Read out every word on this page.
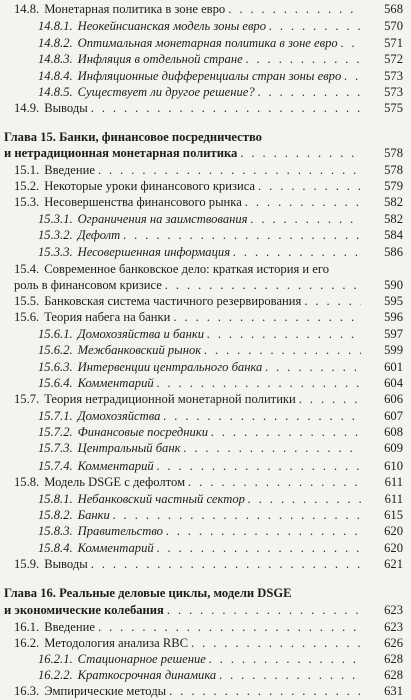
14.8. Монетарная политика в зоне евро . . .	568
14.8.1. Неокейнсианская модель зоны евро . . .	570
14.8.2. Оптимальная монетарная политика в зоне евро . . .	571
14.8.3. Инфляция в отдельной стране . . .	572
14.8.4. Инфляционные дифференциалы стран зоны евро . . .	573
14.8.5. Существует ли другое решение? . . .	573
14.9. Выводы . . .	575
Глава 15. Банки, финансовое посредничество
и нетрадиционная монетарная политика . . .	578
15.1. Введение . . .	578
15.2. Некоторые уроки финансового кризиса . . .	579
15.3. Несовершенства финансового рынка . . .	582
15.3.1. Ограничения на заимствования . . .	582
15.3.2. Дефолт . . .	584
15.3.3. Несовершенная информация . . .	586
15.4. Современное банковское дело: краткая история и его
роль в финансовом кризисе . . .	590
15.5. Банковская система частичного резервирования . . .	595
15.6. Теория набега на банки . . .	596
15.6.1. Домохозяйства и банки . . .	597
15.6.2. Межбанковский рынок . . .	599
15.6.3. Интервенции центрального банка . . .	601
15.6.4. Комментарий . . .	604
15.7. Теория нетрадиционной монетарной политики . . .	606
15.7.1. Домохозяйства . . .	607
15.7.2. Финансовые посредники . . .	608
15.7.3. Центральный банк . . .	609
15.7.4. Комментарий . . .	610
15.8. Модель DSGE с дефолтом . . .	611
15.8.1. Небанковский частный сектор . . .	611
15.8.2. Банки . . .	615
15.8.3. Правительство . . .	620
15.8.4. Комментарий . . .	620
15.9. Выводы . . .	621
Глава 16. Реальные деловые циклы, модели DSGE
и экономические колебания . . .	623
16.1. Введение . . .	623
16.2. Методология анализа RBC . . .	626
16.2.1. Стационарное решение . . .	628
16.2.2. Краткосрочная динамика . . .	628
16.3. Эмпирические методы . . .	631
